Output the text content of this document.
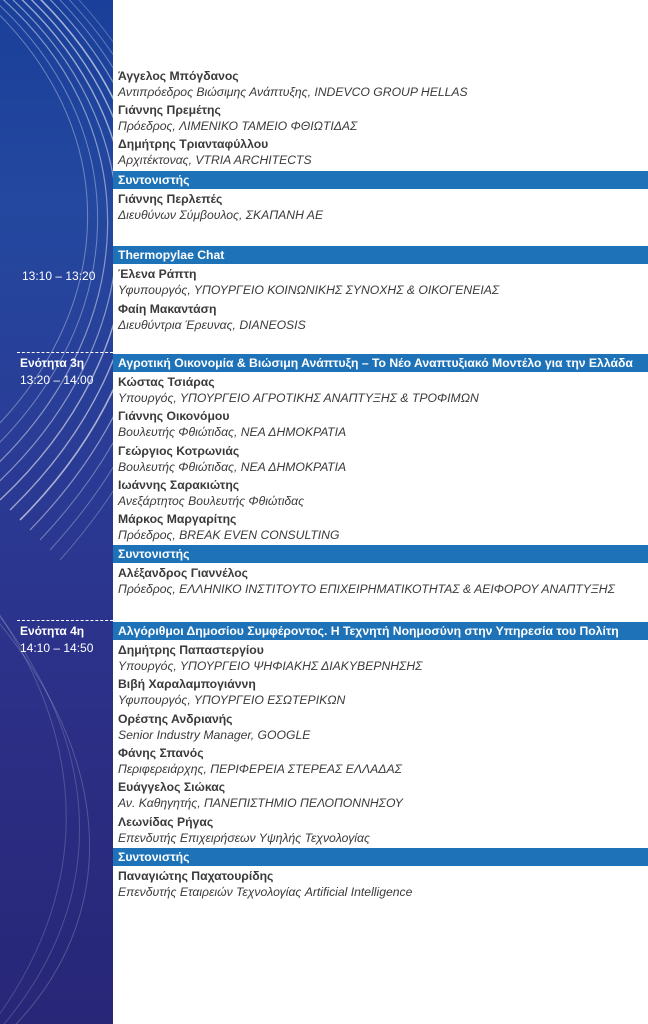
13:10 – 13:20
Ενότητα 3η
13:20 – 14:00
Ενότητα 4η
14:10 – 14:50
Άγγελος Μπόγδανος
Αντιπρόεδρος Βιώσιμης Ανάπτυξης, INDEVCO GROUP HELLAS
Γιάννης Πρεμέτης
Πρόεδρος, ΛΙΜΕΝΙΚΟ ΤΑΜΕΙΟ ΦΘΙΩΤΙΔΑΣ
Δημήτρης Τριανταφύλλου
Αρχιτέκτονας, VTRIA ARCHITECTS
Συντονιστής
Γιάννης Περλεπές
Διευθύνων Σύμβουλος, ΣΚΑΠΑΝΗ ΑΕ
Thermopylae Chat
Έλενα Ράπτη
Υφυπουργός, ΥΠΟΥΡΓΕΙΟ ΚΟΙΝΩΝΙΚΗΣ ΣΥΝΟΧΗΣ & ΟΙΚΟΓΕΝΕΙΑΣ
Φαίη Μακαντάση
Διευθύντρια Έρευνας, DIANEOSIS
Αγροτική Οικονομία & Βιώσιμη Ανάπτυξη – Το Νέο Αναπτυξιακό Μοντέλο για την Ελλάδα
Κώστας Τσιάρας
Υπουργός, ΥΠΟΥΡΓΕΙΟ ΑΓΡΟΤΙΚΗΣ ΑΝΑΠΤΥΞΗΣ & ΤΡΟΦΙΜΩΝ
Γιάννης Οικονόμου
Βουλευτής Φθιώτιδας, ΝΕΑ ΔΗΜΟΚΡΑΤΙΑ
Γεώργιος Κοτρωνιάς
Βουλευτής Φθιώτιδας, ΝΕΑ ΔΗΜΟΚΡΑΤΙΑ
Ιωάννης Σαρακιώτης
Ανεξάρτητος Βουλευτής Φθιώτιδας
Μάρκος Μαργαρίτης
Πρόεδρος, BREAK EVEN CONSULTING
Συντονιστής
Αλέξανδρος Γιαννέλος
Πρόεδρος, ΕΛΛΗΝΙΚΟ ΙΝΣΤΙΤΟΥΤΟ ΕΠΙΧΕΙΡΗΜΑΤΙΚΟΤΗΤΑΣ & ΑΕΙΦΟΡΟΥ ΑΝΑΠΤΥΞΗΣ
Αλγόριθμοι Δημοσίου Συμφέροντος. Η Τεχνητή Νοημοσύνη στην Υπηρεσία του Πολίτη
Δημήτρης Παπαστεργίου
Υπουργός, ΥΠΟΥΡΓΕΙΟ ΨΗΦΙΑΚΗΣ ΔΙΑΚΥΒΕΡΝΗΣΗΣ
Βιβή Χαραλαμπογιάννη
Υφυπουργός, ΥΠΟΥΡΓΕΙΟ ΕΣΩΤΕΡΙΚΩΝ
Ορέστης Ανδριανής
Senior Industry Manager, GOOGLE
Φάνης Σπανός
Περιφερειάρχης, ΠΕΡΙΦΕΡΕΙΑ ΣΤΕΡΕΑΣ ΕΛΛΑΔΑΣ
Ευάγγελος Σιώκας
Αν. Καθηγητής, ΠΑΝΕΠΙΣΤΗΜΙΟ ΠΕΛΟΠΟΝΝΗΣΟΥ
Λεωνίδας Ρήγας
Επενδυτής Επιχειρήσεων Υψηλής Τεχνολογίας
Συντονιστής
Παναγιώτης Παχατουρίδης
Επενδυτής Εταιρειών Τεχνολογίας Artificial Intelligence
